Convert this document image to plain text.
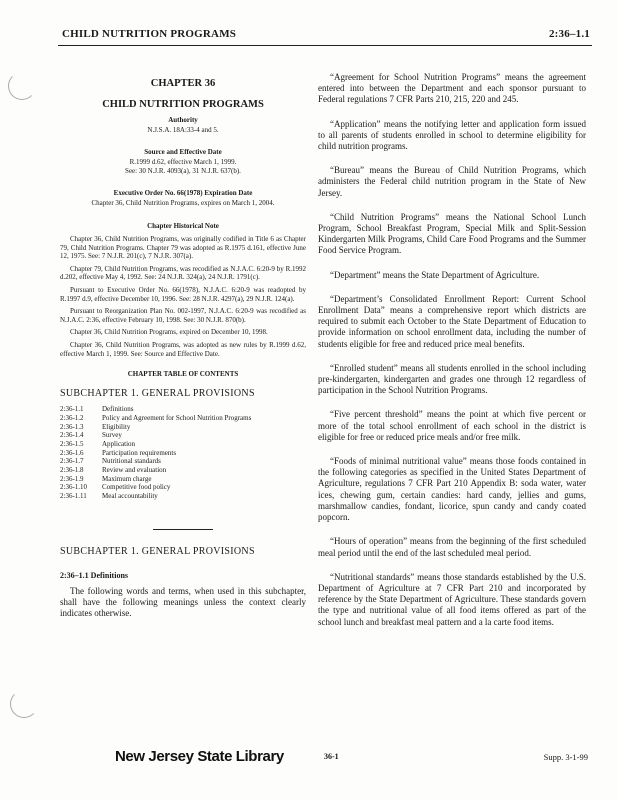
CHILD NUTRITION PROGRAMS	2:36–1.1
CHAPTER 36
CHILD NUTRITION PROGRAMS
Authority
N.J.S.A. 18A:33-4 and 5.
Source and Effective Date
R.1999 d.62, effective March 1, 1999.
See: 30 N.J.R. 4093(a), 31 N.J.R. 637(b).
Executive Order No. 66(1978) Expiration Date
Chapter 36, Child Nutrition Programs, expires on March 1, 2004.
Chapter Historical Note

Chapter 36, Child Nutrition Programs, was originally codified in Title 6 as Chapter 79, Child Nutrition Programs. Chapter 79 was adopted as R.1975 d.161, effective June 12, 1975. See: 7 N.J.R. 201(c), 7 N.J.R. 307(a).

Chapter 79, Child Nutrition Programs, was recodified as N.J.A.C. 6:20-9 by R.1992 d.202, effective May 4, 1992. See: 24 N.J.R. 324(a), 24 N.J.R. 1791(c).

Pursuant to Executive Order No. 66(1978), N.J.A.C. 6:20-9 was readopted by R.1997 d.9, effective December 10, 1996. See: 28 N.J.R. 4297(a), 29 N.J.R. 124(a).

Pursuant to Reorganization Plan No. 002-1997, N.J.A.C. 6:20-9 was recodified as N.J.A.C. 2:36, effective February 10, 1998. See: 30 N.J.R. 870(b).

Chapter 36, Child Nutrition Programs, expired on December 10, 1998.

Chapter 36, Child Nutrition Programs, was adopted as new rules by R.1999 d.62, effective March 1, 1999. See: Source and Effective Date.

CHAPTER TABLE OF CONTENTS
SUBCHAPTER 1. GENERAL PROVISIONS
2:36-1.1	Definitions
2:36-1.2	Policy and Agreement for School Nutrition Programs
2:36-1.3	Eligibility
2:36-1.4	Survey
2:36-1.5	Application
2:36-1.6	Participation requirements
2:36-1.7	Nutritional standards
2:36-1.8	Review and evaluation
2:36-1.9	Maximum charge
2:36-1.10	Competitive food policy
2:36-1.11	Meal accountability
SUBCHAPTER 1. GENERAL PROVISIONS
2:36–1.1 Definitions

The following words and terms, when used in this subchapter, shall have the following meanings unless the context clearly indicates otherwise.

“Agreement for School Nutrition Programs” means the agreement entered into between the Department and each sponsor pursuant to Federal regulations 7 CFR Parts 210, 215, 220 and 245.

“Application” means the notifying letter and application form issued to all parents of students enrolled in school to determine eligibility for child nutrition programs.

“Bureau” means the Bureau of Child Nutrition Programs, which administers the Federal child nutrition program in the State of New Jersey.

“Child Nutrition Programs” means the National School Lunch Program, School Breakfast Program, Special Milk and Split-Session Kindergarten Milk Programs, Child Care Food Programs and the Summer Food Service Program.

“Department” means the State Department of Agriculture.

“Department’s Consolidated Enrollment Report: Current School Enrollment Data” means a comprehensive report which districts are required to submit each October to the State Department of Education to provide information on school enrollment data, including the number of students eligible for free and reduced price meal benefits.

“Enrolled student” means all students enrolled in the school including pre-kindergarten, kindergarten and grades one through 12 regardless of participation in the School Nutrition Programs.

“Five percent threshold” means the point at which five percent or more of the total school enrollment of each school in the district is eligible for free or reduced price meals and/or free milk.

“Foods of minimal nutritional value” means those foods contained in the following categories as specified in the United States Department of Agriculture, regulations 7 CFR Part 210 Appendix B: soda water, water ices, chewing gum, certain candies: hard candy, jellies and gums, marshmallow candies, fondant, licorice, spun candy and candy coated popcorn.

“Hours of operation” means from the beginning of the first scheduled meal period until the end of the last scheduled meal period.

“Nutritional standards” means those standards established by the U.S. Department of Agriculture at 7 CFR Part 210 and incorporated by reference by the State Department of Agriculture. These standards govern the type and nutritional value of all food items offered as part of the school lunch and breakfast meal pattern and a la carte food items.

New Jersey State Library	36-1	Supp. 3-1-99
